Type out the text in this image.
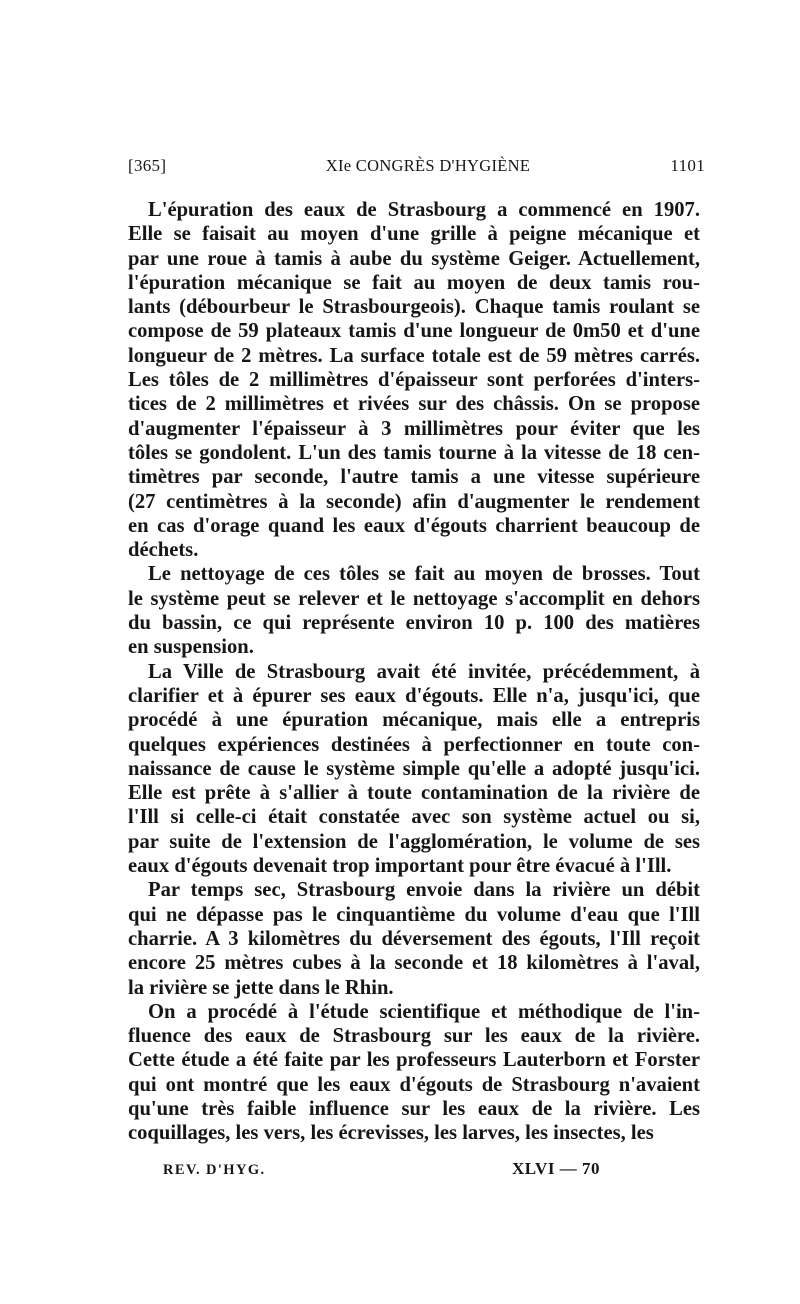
[365]	XIe CONGRÈS D'HYGIÈNE	1101
L'épuration des eaux de Strasbourg a commencé en 1907.
Elle se faisait au moyen d'une grille à peigne mécanique et
par une roue à tamis à aube du système Geiger. Actuellement,
l'épuration mécanique se fait au moyen de deux tamis rou-
lants (débourbeur le Strasbourgeois). Chaque tamis roulant se
compose de 59 plateaux tamis d'une longueur de 0m50 et d'une
longueur de 2 mètres. La surface totale est de 59 mètres carrés.
Les tôles de 2 millimètres d'épaisseur sont perforées d'inters-
tices de 2 millimètres et rivées sur des châssis. On se propose
d'augmenter l'épaisseur à 3 millimètres pour éviter que les
tôles se gondolent. L'un des tamis tourne à la vitesse de 18 cen-
timètres par seconde, l'autre tamis a une vitesse supérieure
(27 centimètres à la seconde) afin d'augmenter le rendement
en cas d'orage quand les eaux d'égouts charrient beaucoup de
déchets.
Le nettoyage de ces tôles se fait au moyen de brosses. Tout
le système peut se relever et le nettoyage s'accomplit en dehors
du bassin, ce qui représente environ 10 p. 100 des matières
en suspension.
La Ville de Strasbourg avait été invitée, précédemment, à
clarifier et à épurer ses eaux d'égouts. Elle n'a, jusqu'ici, que
procédé à une épuration mécanique, mais elle a entrepris
quelques expériences destinées à perfectionner en toute con-
naissance de cause le système simple qu'elle a adopté jusqu'ici.
Elle est prête à s'allier à toute contamination de la rivière de
l'Ill si celle-ci était constatée avec son système actuel ou si,
par suite de l'extension de l'agglomération, le volume de ses
eaux d'égouts devenait trop important pour être évacué à l'Ill.
Par temps sec, Strasbourg envoie dans la rivière un débit
qui ne dépasse pas le cinquantième du volume d'eau que l'Ill
charrie. A 3 kilomètres du déversement des égouts, l'Ill reçoit
encore 25 mètres cubes à la seconde et 18 kilomètres à l'aval,
la rivière se jette dans le Rhin.
On a procédé à l'étude scientifique et méthodique de l'in-
fluence des eaux de Strasbourg sur les eaux de la rivière.
Cette étude a été faite par les professeurs Lauterborn et Forster
qui ont montré que les eaux d'égouts de Strasbourg n'avaient
qu'une très faible influence sur les eaux de la rivière. Les
coquillages, les vers, les écrevisses, les larves, les insectes, les
REV. D'HYG.	XLVI — 70
